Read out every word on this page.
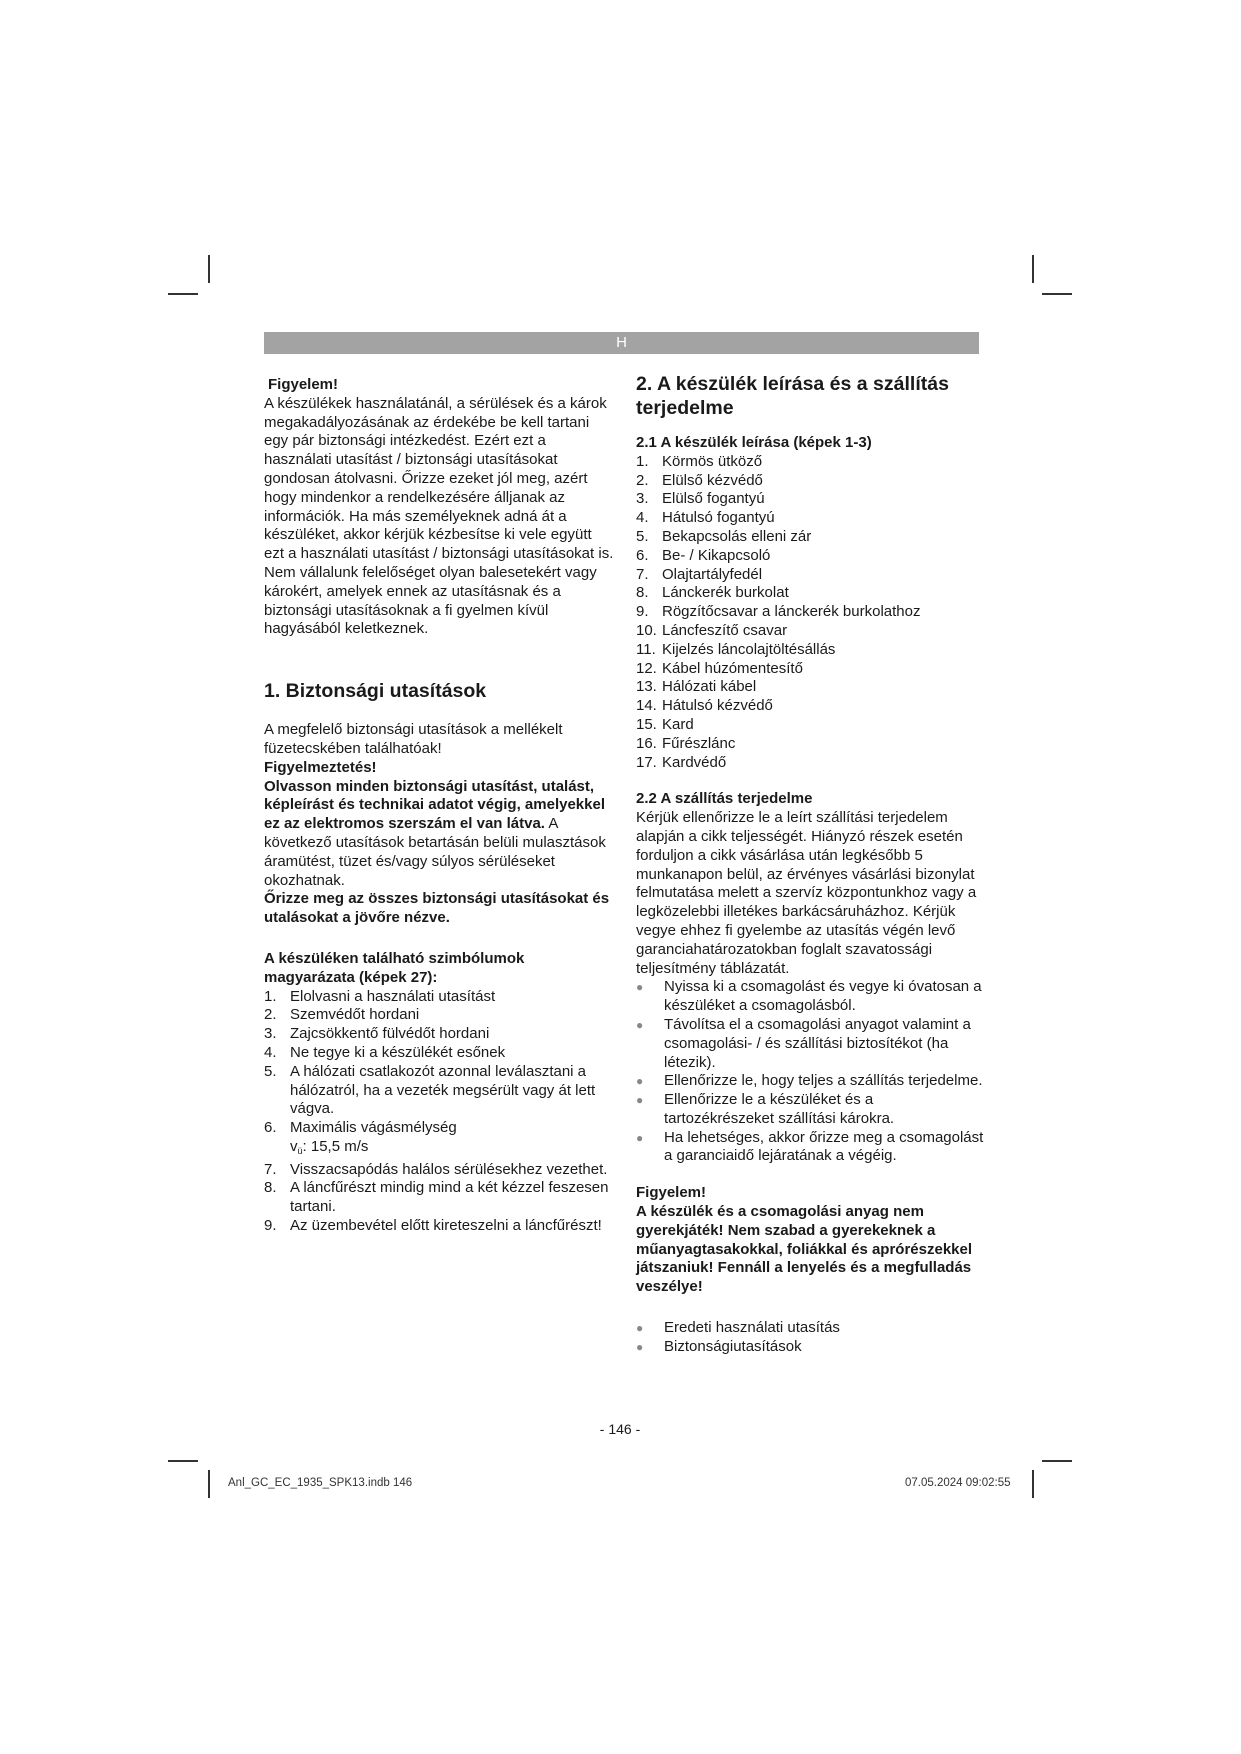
H

Figyelem!

A készülékek használatánál, a sérülések és a károk megakadályozásának az érdekébe be kell tartani egy pár biztonsági intézkedést. Ezért ezt a használati utasítást / biztonsági utasításokat gondosan átolvasni. Őrizze ezeket jól meg, azért hogy mindenkor a rendelkezésére álljanak az információk. Ha más személyeknek adná át a készüléket, akkor kérjük kézbesítse ki vele együtt ezt a használati utasítást / biztonsági utasításokat is. Nem vállalunk felelőséget olyan balesetekért vagy károkért, amelyek ennek az utasításnak és a biztonsági utasításoknak a fi gyelmen kívül hagyásából keletkeznek.

1. Biztonsági utasítások

A megfelelő biztonsági utasítások a mellékelt füzetecskében találhatóak!

Figyelmeztetés!

Olvasson minden biztonsági utasítást, utalást, képleírást és technikai adatot végig, amelyekkel ez az elektromos szerszám el van látva. A következő utasítások betartásán belüli mulasztások áramütést, tüzet és/vagy súlyos sérüléseket okozhatnak.

Őrizze meg az összes biztonsági utasításokat és utalásokat a jövőre nézve.

A készüléken található szimbólumok magyarázata (képek 27):

1. Elolvasni a használati utasítást
2. Szemvédőt hordani
3. Zajcsökkentő fülvédőt hordani
4. Ne tegye ki a készülékét esőnek
5. A hálózati csatlakozót azonnal leválasztani a hálózatról, ha a vezeték megsérült vagy át lett vágva.
6. Maximális vágásmélység
$v_ü$: 15,5 m/s
7. Visszacsapódás halálos sérülésekhez vezethet.
8. A láncfűrészt mindig mind a két kézzel feszesen tartani.
9. Az üzembevétel előtt kireteszelni a láncfűrészt!

2. A készülék leírása és a szállítás terjedelme

2.1 A készülék leírása (képek 1-3)

1. Körmös ütköző
2. Elülső kézvédő
3. Elülső fogantyú
4. Hátulsó fogantyú
5. Bekapcsolás elleni zár
6. Be- / Kikapcsoló
7. Olajtartályfedél
8. Lánckerék burkolat
9. Rögzítőcsavar a lánckerék burkolathoz
10. Láncfeszítő csavar
11. Kijelzés láncolajtöltésállás
12. Kábel húzómentesítő
13. Hálózati kábel
14. Hátulsó kézvédő
15. Kard
16. Fűrészlánc
17. Kardvédő

2.2 A szállítás terjedelme

Kérjük ellenőrizze le a leírt szállítási terjedelem alapján a cikk teljességét. Hiányzó részek esetén forduljon a cikk vásárlása után legkésőbb 5 munkanapon belül, az érvényes vásárlási bizonylat felmutatása melett a szervíz központunkhoz vagy a legközelebbi illetékes barkácsáruházhoz. Kérjük vegye ehhez fi gyelembe az utasítás végén levő garanciahatározatokban foglalt szavatossági teljesítmény táblázatát.

●	Nyissa ki a csomagolást és vegye ki óvatosan a készüléket a csomagolásból.
●	Távolítsa el a csomagolási anyagot valamint a csomagolási- / és szállítási biztosítékot (ha létezik).
●	Ellenőrizze le, hogy teljes a szállítás terjedelme.
●	Ellenőrizze le a készüléket és a tartozékrészeket szállítási károkra.
●	Ha lehetséges, akkor őrizze meg a csomagolást a garanciaidő lejáratának a végéig.

Figyelem!

A készülék és a csomagolási anyag nem gyerekjáték! Nem szabad a gyerekeknek a műanyagtasakokkal, foliákkal és aprórészekkel játszaniuk! Fennáll a lenyelés és a megfulladás veszélye!

●	Eredeti használati utasítás
●	Biztonságiutasítások
- 146 -
Anl_GC_EC_1935_SPK13.indb 146	07.05.2024 09:02:55
